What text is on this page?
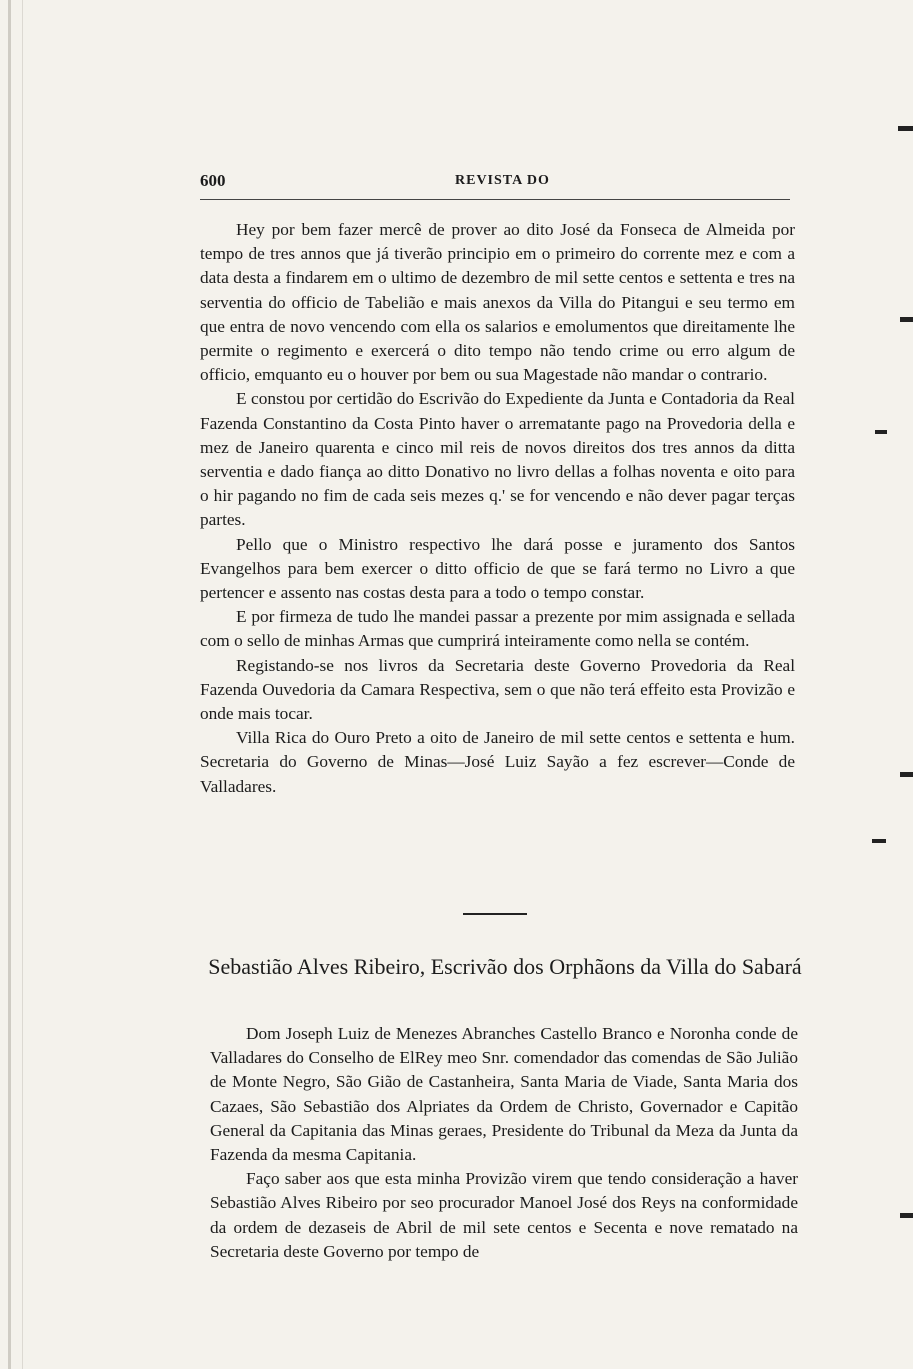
600	REVISTA DO

Hey por bem fazer mercê de prover ao dito José da Fonseca de Almeida por tempo de tres annos que já tiverão principio em o primeiro do corrente mez e com a data desta a findarem em o ultimo de dezembro de mil sette centos e settenta e tres na serventia do officio de Tabelião e mais anexos da Villa do Pitangui e seu termo em que entra de novo vencendo com ella os salarios e emolumentos que direitamente lhe permite o regimento e exercerá o dito tempo não tendo crime ou erro algum de officio, emquanto eu o houver por bem ou sua Magestade não mandar o contrario.

E constou por certidão do Escrivão do Expediente da Junta e Contadoria da Real Fazenda Constantino da Costa Pinto haver o arrematante pago na Provedoria della e mez de Janeiro quarenta e cinco mil reis de novos direitos dos tres annos da ditta serventia e dado fiança ao ditto Donativo no livro dellas a folhas noventa e oito para o hir pagando no fim de cada seis mezes q.' se for vencendo e não dever pagar terças partes.

Pello que o Ministro respectivo lhe dará posse e juramento dos Santos Evangelhos para bem exercer o ditto officio de que se fará termo no Livro a que pertencer e assento nas costas desta para a todo o tempo constar.

E por firmeza de tudo lhe mandei passar a prezente por mim assignada e sellada com o sello de minhas Armas que cumprirá inteiramente como nella se contém.

Registando-se nos livros da Secretaria deste Governo Provedoria da Real Fazenda Ouvedoria da Camara Respectiva, sem o que não terá effeito esta Provizão e onde mais tocar.

Villa Rica do Ouro Preto a oito de Janeiro de mil sette centos e settenta e hum. Secretaria do Governo de Minas—José Luiz Sayão a fez escrever—Conde de Valladares.

Sebastião Alves Ribeiro, Escrivão dos Orphãons da Villa do Sabará

Dom Joseph Luiz de Menezes Abranches Castello Branco e Noronha conde de Valladares do Conselho de ElRey meo Snr. comendador das comendas de São Julião de Monte Negro, São Gião de Castanheira, Santa Maria de Viade, Santa Maria dos Cazaes, São Sebastião dos Alpriates da Ordem de Christo, Governador e Capitão General da Capitania das Minas geraes, Presidente do Tribunal da Meza da Junta da Fazenda da mesma Capitania.

Faço saber aos que esta minha Provizão virem que tendo consideração a haver Sebastião Alves Ribeiro por seo procurador Manoel José dos Reys na conformidade da ordem de dezaseis de Abril de mil sete centos e Secenta e nove rematado na Secretaria deste Governo por tempo de
